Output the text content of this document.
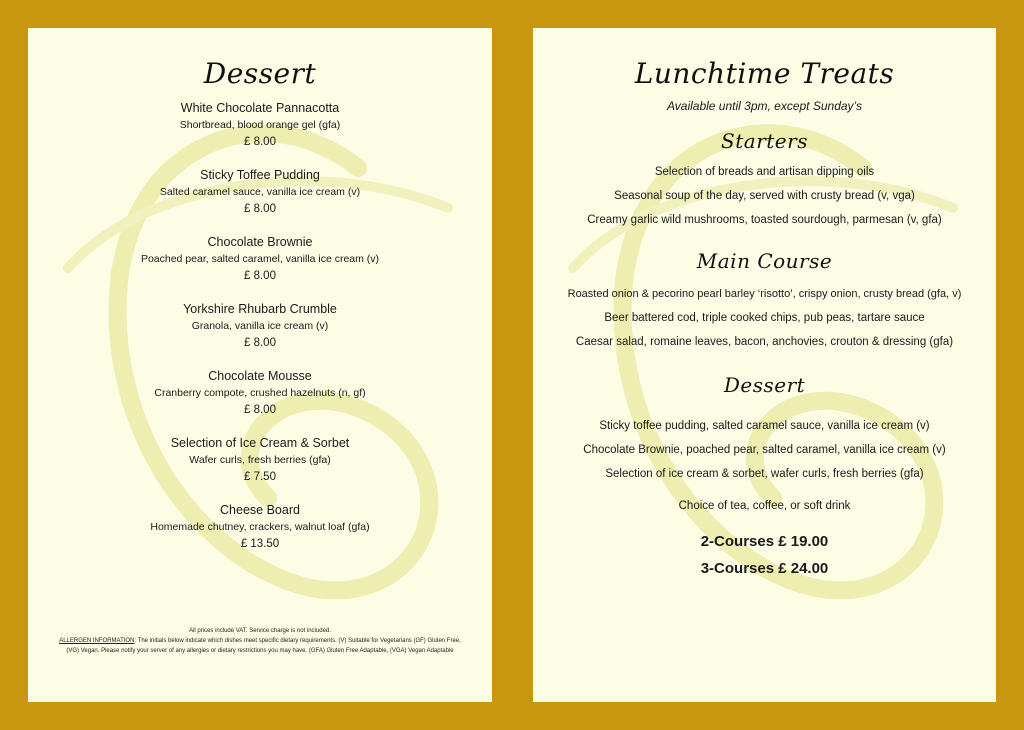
Dessert
White Chocolate Pannacotta
Shortbread, blood orange gel (gfa)
£ 8.00
Sticky Toffee Pudding
Salted caramel sauce, vanilla ice cream (v)
£ 8.00
Chocolate Brownie
Poached pear, salted caramel, vanilla ice cream (v)
£ 8.00
Yorkshire Rhubarb Crumble
Granola, vanilla ice cream (v)
£ 8.00
Chocolate Mousse
Cranberry compote, crushed hazelnuts (n, gf)
£ 8.00
Selection of Ice Cream & Sorbet
Wafer curls, fresh berries (gfa)
£ 7.50
Cheese Board
Homemade chutney, crackers, walnut loaf (gfa)
£ 13.50
All prices include VAT. Service charge is not included.
ALLERGEN INFORMATION: The initials below indicate which dishes meet specific dietary requirements. (V) Suitable for Vegetarians (GF) Gluten Free,
(VG) Vegan. Please notify your server of any allergies or dietary restrictions you may have. (GFA) Gluten Free Adaptable, (VGA) Vegan Adaptable
Lunchtime Treats
Available until 3pm, except Sunday’s
Starters
Selection of breads and artisan dipping oils
Seasonal soup of the day, served with crusty bread (v, vga)
Creamy garlic wild mushrooms, toasted sourdough, parmesan (v, gfa)
Main Course
Roasted onion & pecorino pearl barley ‘risotto’, crispy onion, crusty bread (gfa, v)
Beer battered cod, triple cooked chips, pub peas, tartare sauce
Caesar salad, romaine leaves, bacon, anchovies, crouton & dressing (gfa)
Dessert
Sticky toffee pudding, salted caramel sauce, vanilla ice cream (v)
Chocolate Brownie, poached pear, salted caramel, vanilla ice cream (v)
Selection of ice cream & sorbet, wafer curls, fresh berries (gfa)
Choice of tea, coffee, or soft drink
2-Courses £ 19.00
3-Courses £ 24.00
